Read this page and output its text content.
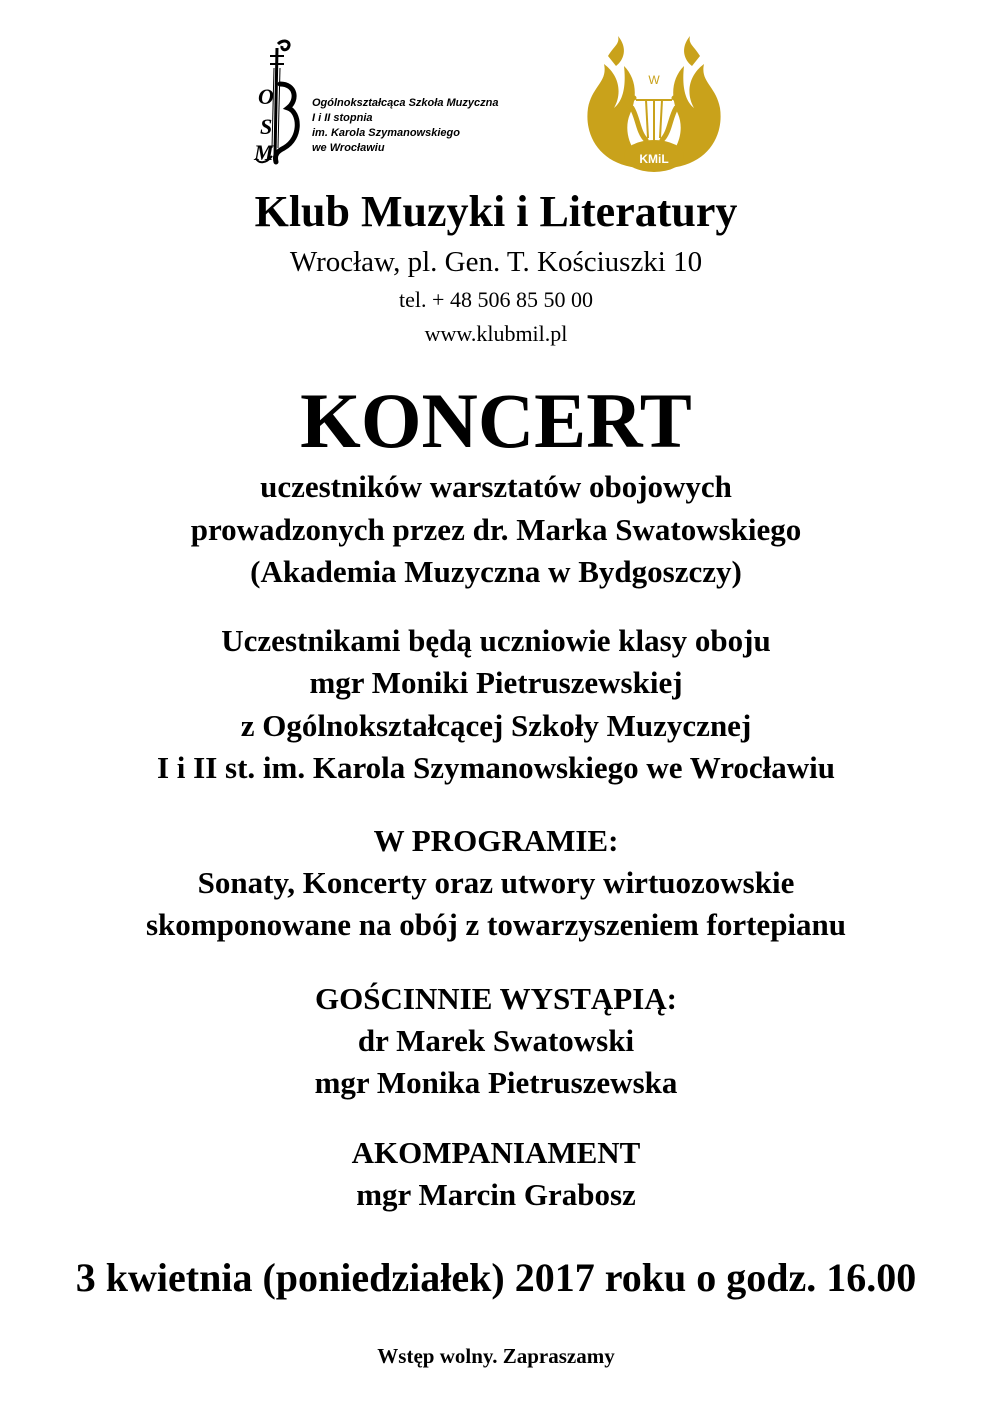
O
S
M
Ogólnokształcąca Szkoła Muzyczna
I i II stopnia
im. Karola Szymanowskiego
we Wrocławiu
W
KMiL
Klub Muzyki i Literatury
Wrocław, pl. Gen. T. Kościuszki 10
tel. + 48 506 85 50 00
www.klubmil.pl
KONCERT
uczestników warsztatów obojowych
prowadzonych przez dr. Marka Swatowskiego
(Akademia Muzyczna w Bydgoszczy)
Uczestnikami będą uczniowie klasy oboju
mgr Moniki Pietruszewskiej
z Ogólnokształcącej Szkoły Muzycznej
I i II st. im. Karola Szymanowskiego we Wrocławiu
W PROGRAMIE:
Sonaty, Koncerty oraz utwory wirtuozowskie
skomponowane na obój z towarzyszeniem fortepianu
GOŚCINNIE WYSTĄPIĄ:
dr Marek Swatowski
mgr Monika Pietruszewska
AKOMPANIAMENT
mgr Marcin Grabosz
3 kwietnia (poniedziałek) 2017 roku o godz. 16.00
Wstęp wolny. Zapraszamy
